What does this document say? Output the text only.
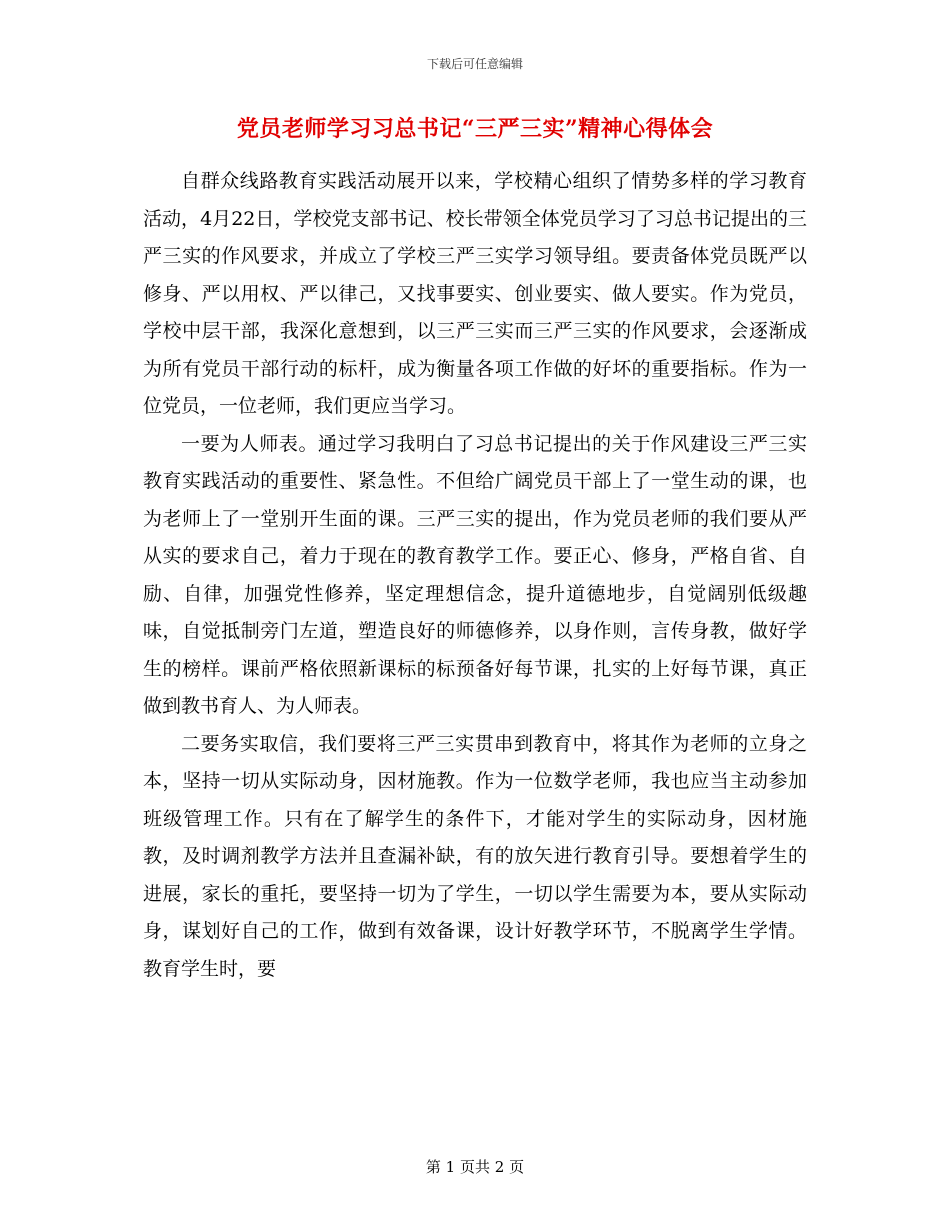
下载后可任意编辑
党员老师学习习总书记“三严三实”精神心得体会

自群众线路教育实践活动展开以来，学校精心组织了情势多样的学习教育活动，4月22日，学校党支部书记、校长带领全体党员学习了习总书记提出的三严三实的作风要求，并成立了学校三严三实学习领导组。要责备体党员既严以修身、严以用权、严以律己，又找事要实、创业要实、做人要实。作为党员，学校中层干部，我深化意想到，以三严三实而三严三实的作风要求，会逐渐成为所有党员干部行动的标杆，成为衡量各项工作做的好坏的重要指标。作为一位党员，一位老师，我们更应当学习。

一要为人师表。通过学习我明白了习总书记提出的关于作风建设三严三实教育实践活动的重要性、紧急性。不但给广阔党员干部上了一堂生动的课，也为老师上了一堂别开生面的课。三严三实的提出，作为党员老师的我们要从严从实的要求自己，着力于现在的教育教学工作。要正心、修身，严格自省、自励、自律，加强党性修养，坚定理想信念，提升道德地步，自觉阔别低级趣味，自觉抵制旁门左道，塑造良好的师德修养，以身作则，言传身教，做好学生的榜样。课前严格依照新课标的标预备好每节课，扎实的上好每节课，真正做到教书育人、为人师表。

二要务实取信，我们要将三严三实贯串到教育中，将其作为老师的立身之本，坚持一切从实际动身，因材施教。作为一位数学老师，我也应当主动参加班级管理工作。只有在了解学生的条件下，才能对学生的实际动身，因材施教，及时调剂教学方法并且查漏补缺，有的放矢进行教育引导。要想着学生的进展，家长的重托，要坚持一切为了学生，一切以学生需要为本，要从实际动身，谋划好自己的工作，做到有效备课，设计好教学环节，不脱离学生学情。教育学生时，要

第 1 页共 2 页
